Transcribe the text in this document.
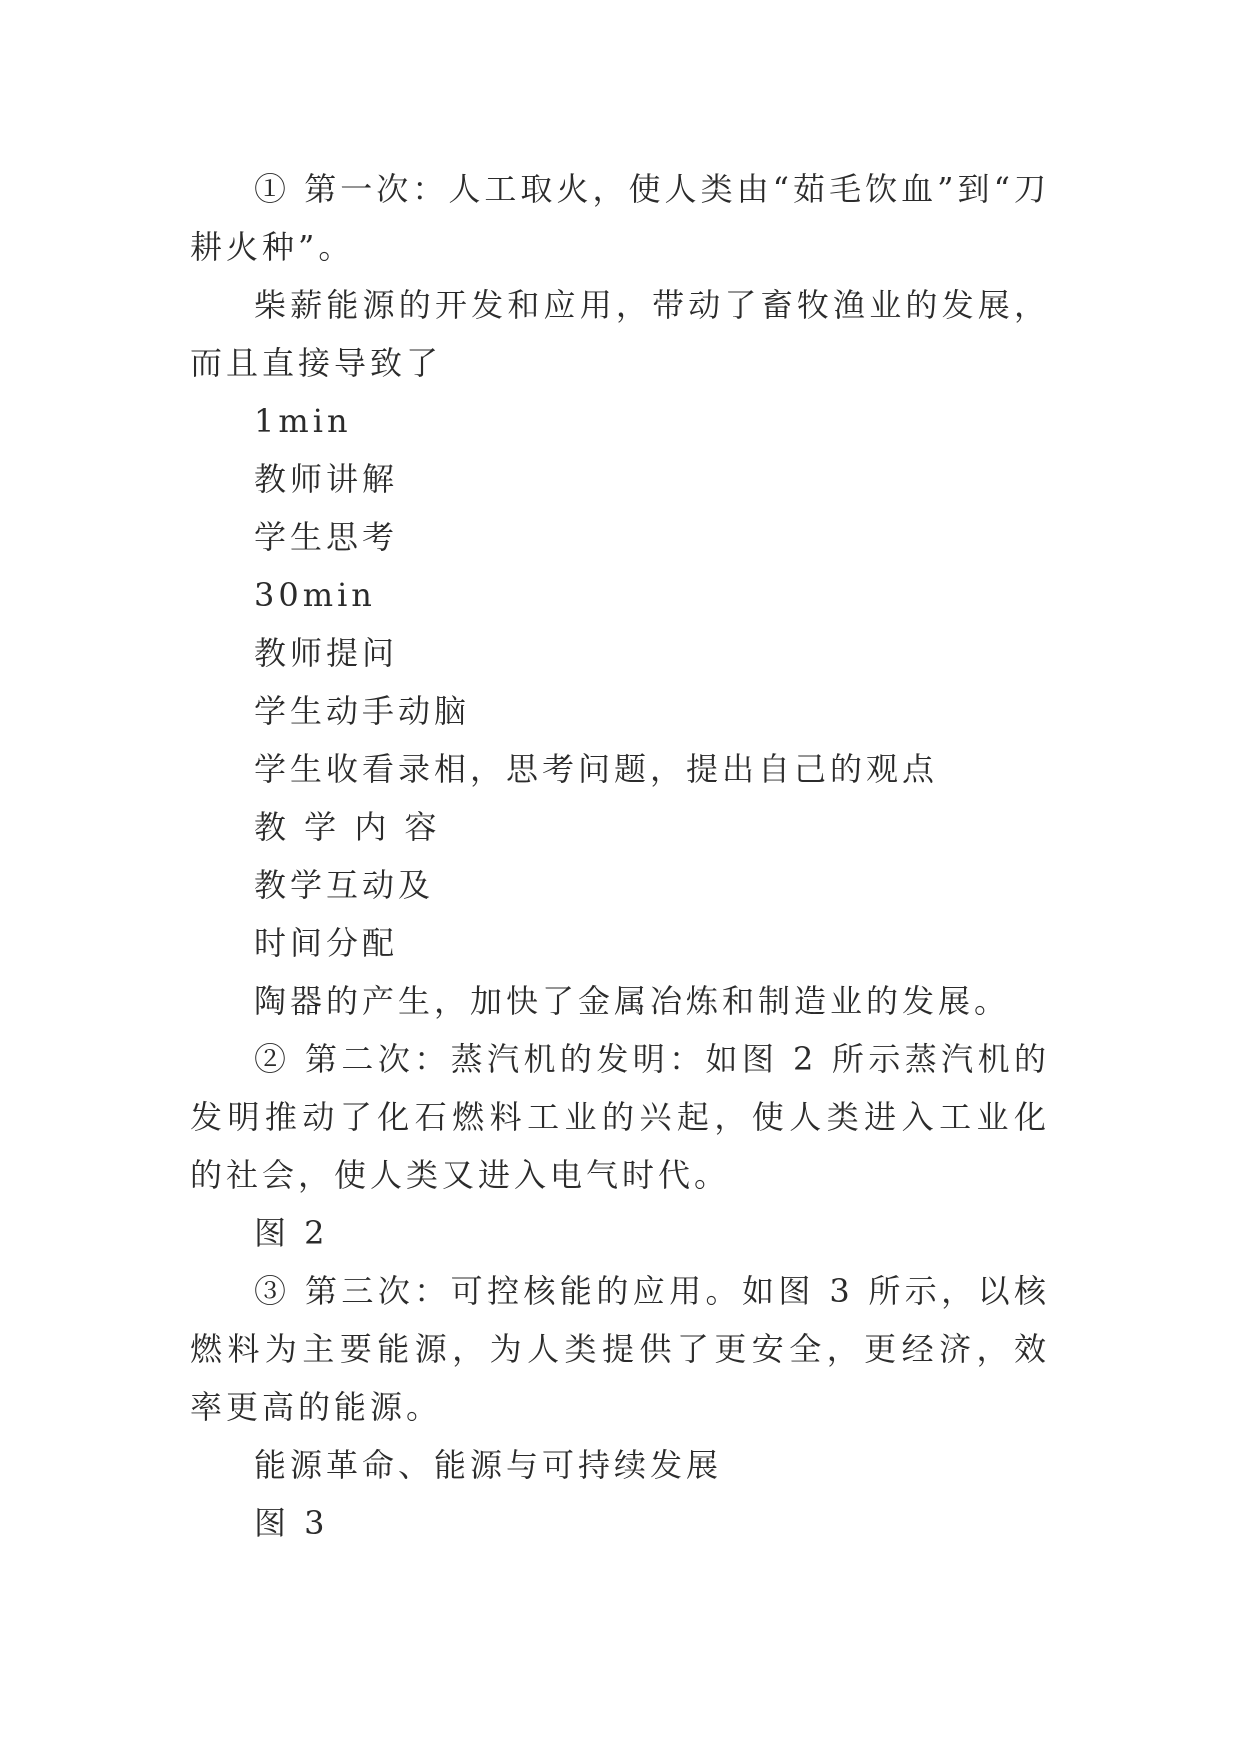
① 第一次：人工取火，使人类由“茹毛饮血”到“刀耕火种”。

柴薪能源的开发和应用，带动了畜牧渔业的发展，而且直接导致了

1min

教师讲解

学生思考

30min

教师提问

学生动手动脑

学生收看录相，思考问题，提出自己的观点

教 学 内 容

教学互动及

时间分配

陶器的产生，加快了金属冶炼和制造业的发展。

② 第二次：蒸汽机的发明：如图 2 所示蒸汽机的发明推动了化石燃料工业的兴起，使人类进入工业化的社会，使人类又进入电气时代。

图 2

③ 第三次：可控核能的应用。如图 3 所示，以核燃料为主要能源，为人类提供了更安全，更经济，效率更高的能源。

能源革命、能源与可持续发展

图 3
